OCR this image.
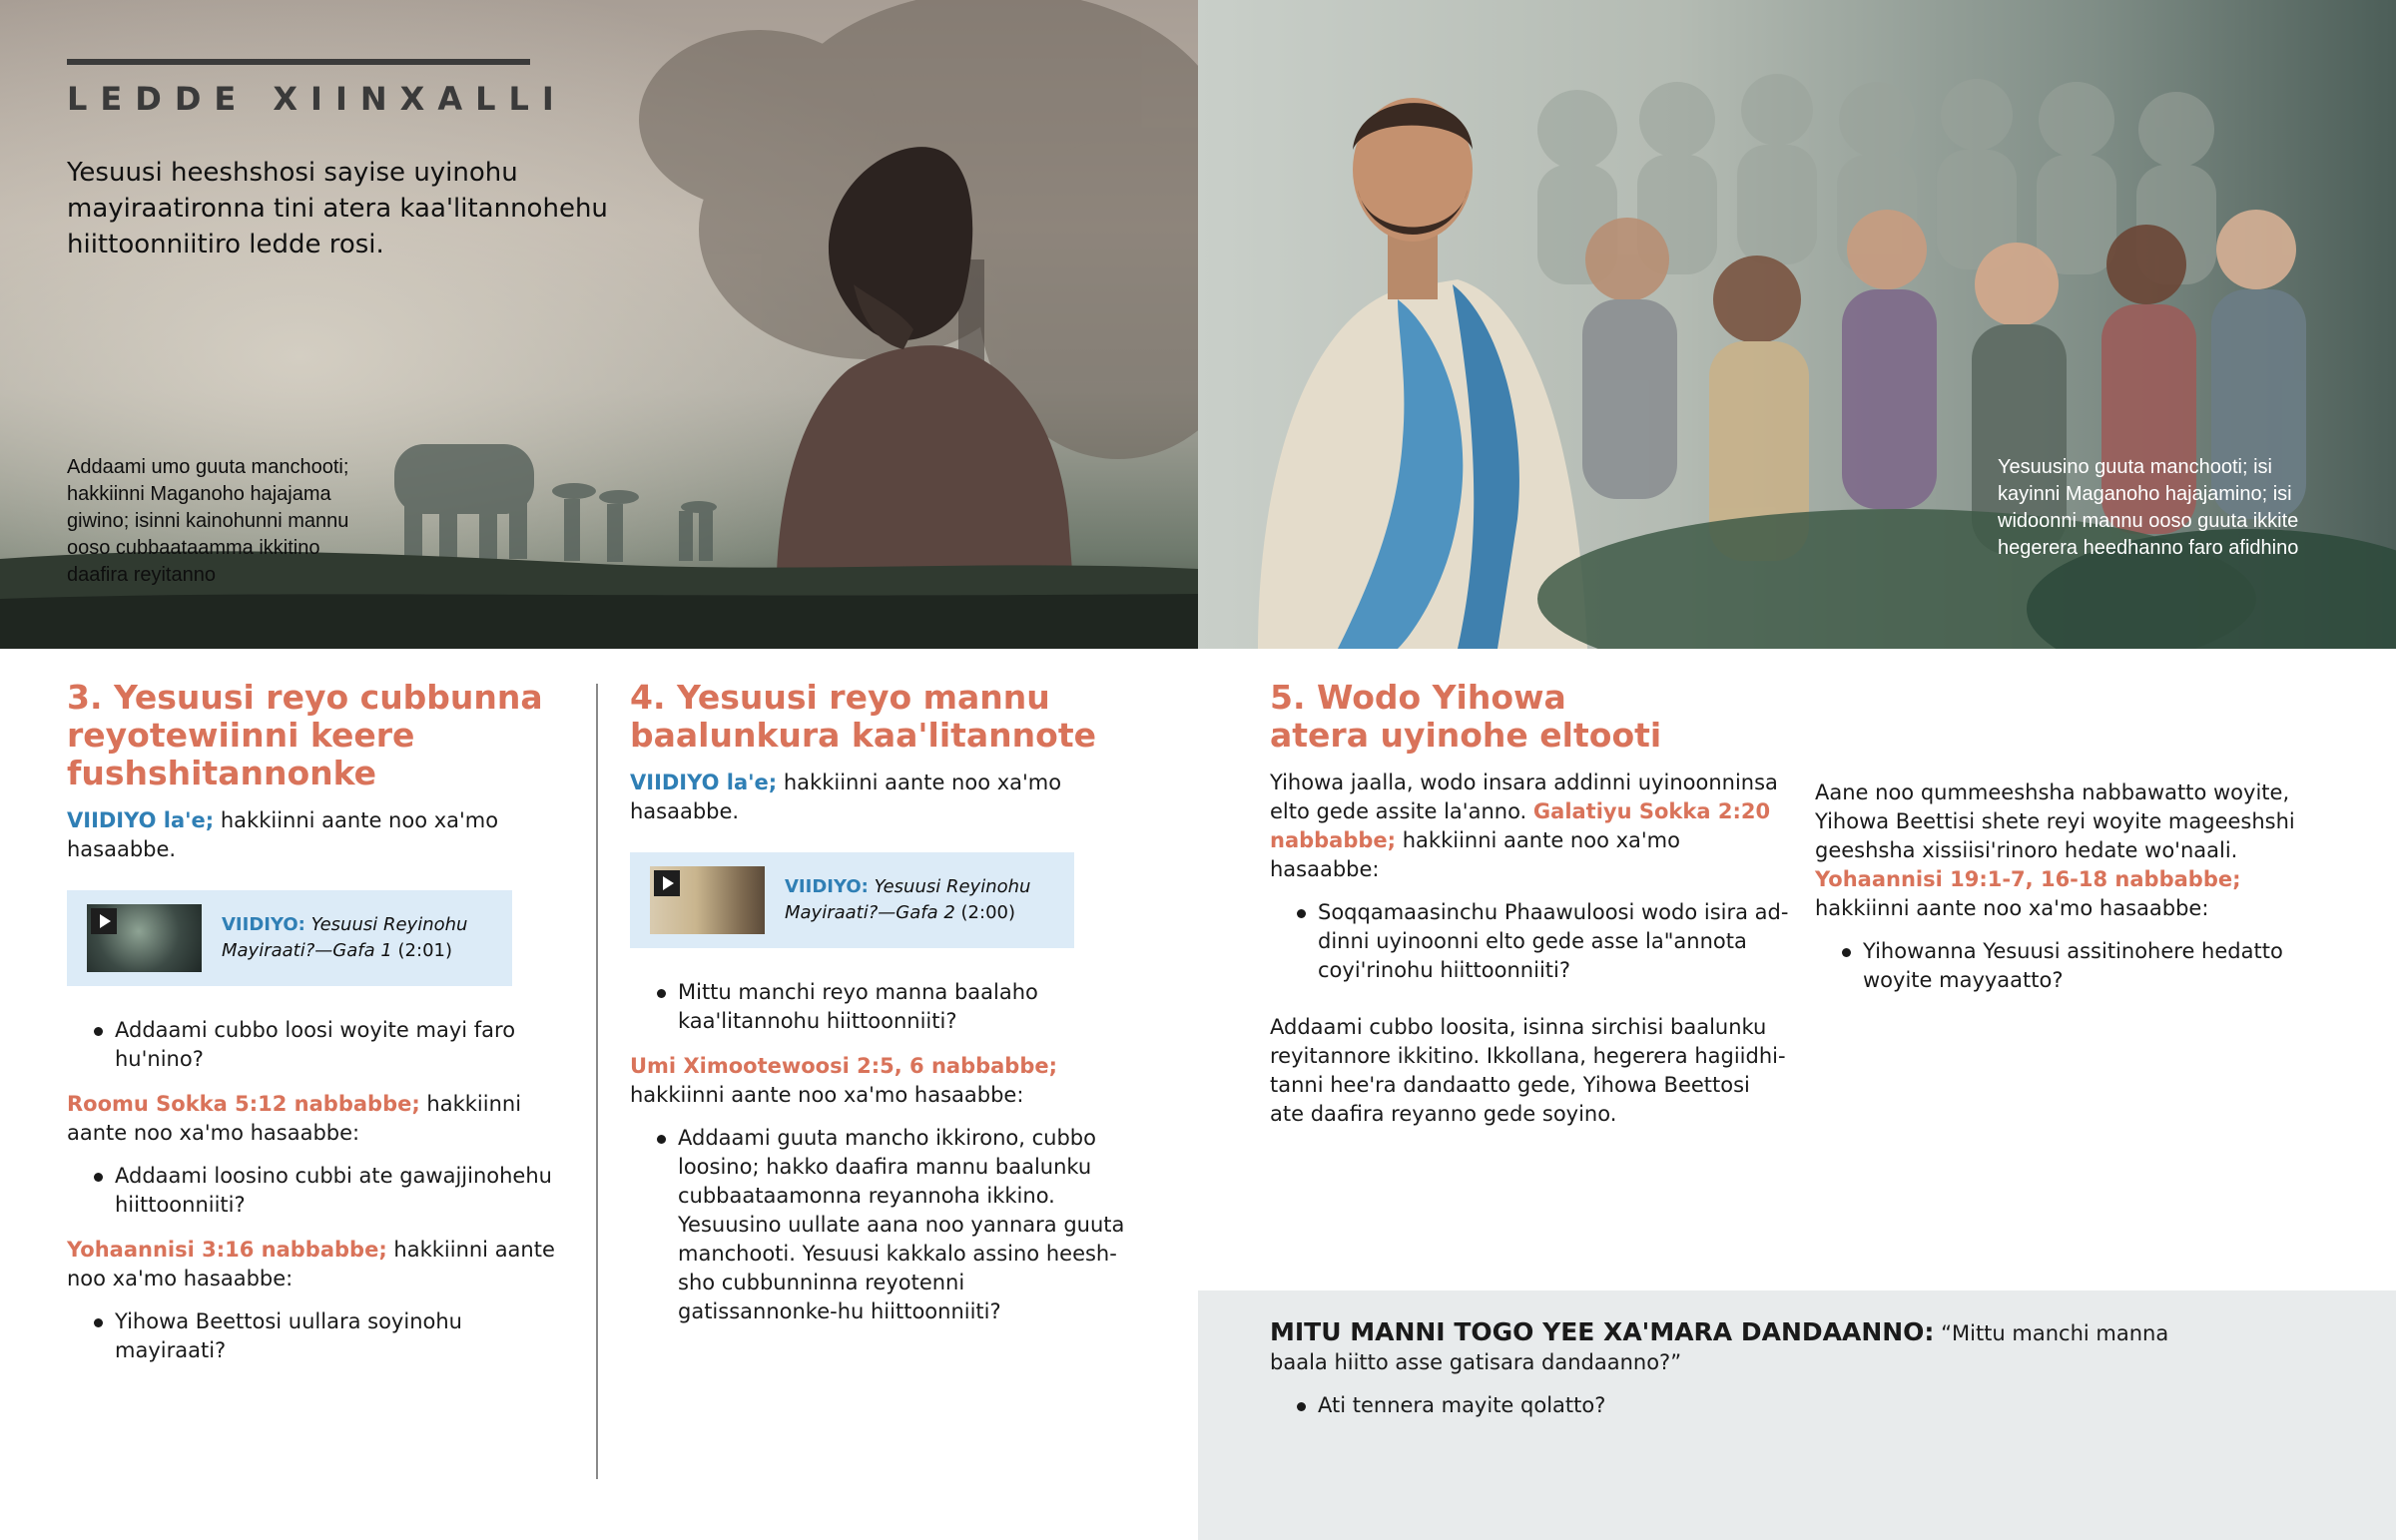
LEDDE XIINXALLI
Yesuusi heeshshosi sayise uyinohu mayiraatironna tini atera kaa'litannohehu hiittoonniitiro ledde rosi.
Addaami umo guuta manchooti; hakkiinni Maganoho hajajama giwino; isinni kainohunni mannu ooso cubbaataamma ikkitino daafira reyitanno
Yesuusino guuta manchooti; isi kayinni Maganoho hajajamino; isi widoonni mannu ooso guuta ikkite hegerera heedhanno faro afidhino
3. Yesuusi reyo cubbunna reyotewiinni keere fushshitannonke

VIIDIYO la'e; hakkiinni aante noo xa'mo hasaabbe.

VIIDIYO: Yesuusi Reyinohu Mayiraati?—Gafa 1 (2:01)
Addaami cubbo loosi woyite mayi faro hu'nino?

Roomu Sokka 5:12 nabbabbe; hakkiinni aante noo xa'mo hasaabbe:

Addaami loosino cubbi ate gawajjinohehu hiittoonniiti?

Yohaannisi 3:16 nabbabbe; hakkiinni aante noo xa'mo hasaabbe:

Yihowa Beettosi uullara soyinohu mayiraati?
4. Yesuusi reyo mannu baalunkura kaa'litannote

VIIDIYO la'e; hakkiinni aante noo xa'mo hasaabbe.

VIIDIYO: Yesuusi Reyinohu Mayiraati?—Gafa 2 (2:00)
Mittu manchi reyo manna baalaho kaa'litannohu hiittoonniiti?

Umi Ximootewoosi 2:5, 6 nabbabbe; hakkiinni aante noo xa'mo hasaabbe:

Addaami guuta mancho ikkirono, cubbo loosino; hakko daafira mannu baalunku cubbaataamonna reyannoha ikkino. Yesuusino uullate aana noo yannara guuta manchooti. Yesuusi kakkalo assino heesh-sho cubbunninna reyotenni gatissannonke-hu hiittoonniiti?
5. Wodo Yihowa atera uyinohe eltooti

Yihowa jaalla, wodo insara addinni uyinoonninsa elto gede assite la'anno. Galatiyu Sokka 2:20 nabbabbe; hakkiinni aante noo xa'mo hasaabbe:

Soqqamaasinchu Phaawuloosi wodo isira ad-dinni uyinoonni elto gede asse la"annota coyi'rinohu hiittoonniiti?

Addaami cubbo loosita, isinna sirchisi baalunku reyitannore ikkitino. Ikkollana, hegerera hagiidhi-tanni hee'ra dandaatto gede, Yihowa Beettosi ate daafira reyanno gede soyino.

Aane noo qummeeshsha nabbawatto woyite, Yihowa Beettisi shete reyi woyite mageeshshi geeshsha xissiisi'rinoro hedate wo'naali. Yohaannisi 19:1-7, 16-18 nabbabbe; hakkiinni aante noo xa'mo hasaabbe:

Yihowanna Yesuusi assitinohere hedatto woyite mayyaatto?

MITU MANNI TOGO YEE XA'MARA DANDAANNO: “Mittu manchi manna baala hiitto asse gatisara dandaanno?”

Ati tennera mayite qolatto?
